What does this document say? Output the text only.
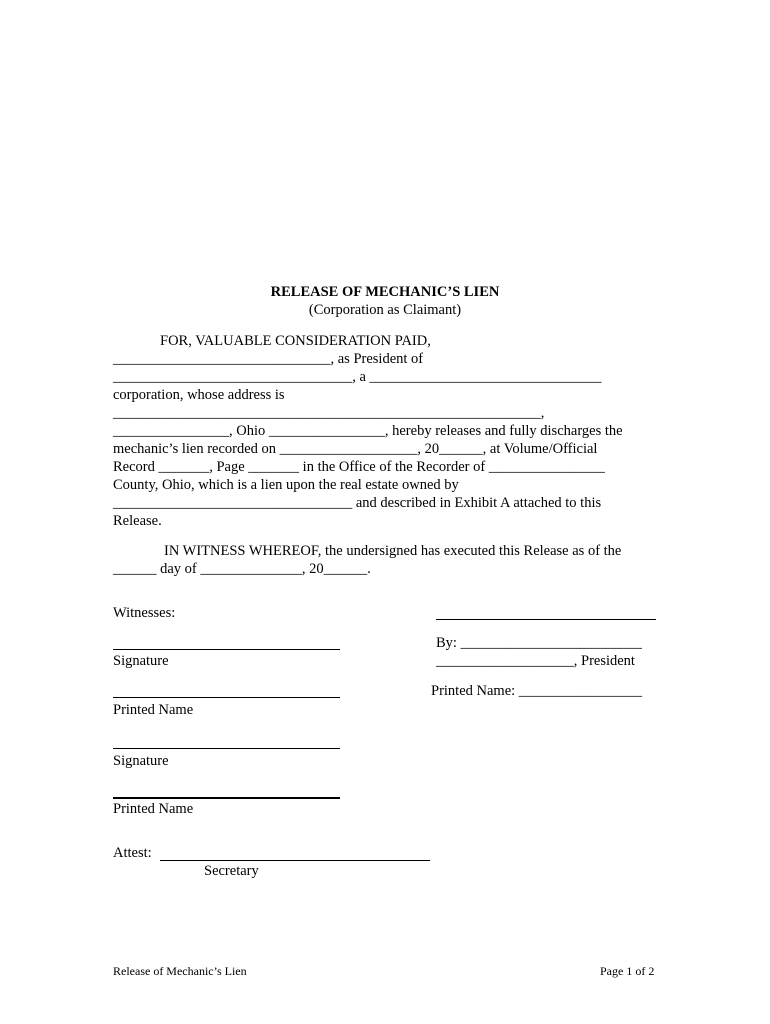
RELEASE OF MECHANIC’S LIEN
(Corporation as Claimant)
FOR, VALUABLE CONSIDERATION PAID,
______________________________, as President of
_________________________________, a ________________________________
corporation, whose address is
___________________________________________________________,
________________, Ohio ________________, hereby releases and fully discharges the
mechanic’s lien recorded on ___________________, 20______, at Volume/Official
Record _______, Page _______ in the Office of the Recorder of ________________
County, Ohio, which is a lien upon the real estate owned by
_________________________________ and described in Exhibit A attached to this
Release.
IN WITNESS WHEREOF, the undersigned has executed this Release as of the
______ day of ______________, 20______.
Witnesses:
Signature
Printed Name
Signature
Printed Name
By: _________________________
___________________, President
Printed Name: _________________
Attest:
Secretary
Release of Mechanic’s Lien	Page 1 of 2
